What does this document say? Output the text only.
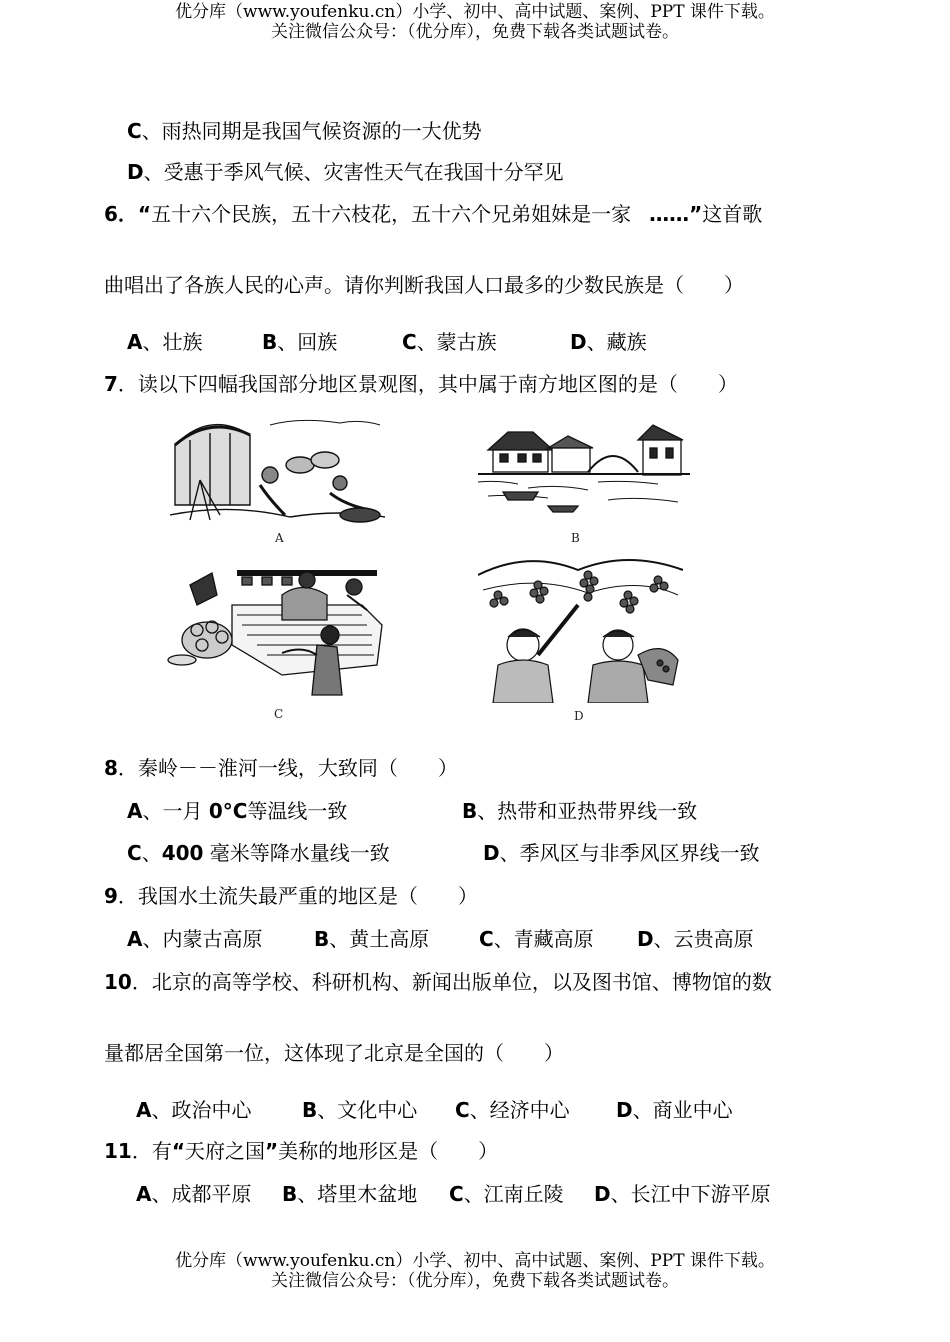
优分库（www.youfenku.cn）小学、初中、高中试题、案例、PPT 课件下载。
关注微信公众号：（优分库），免费下载各类试题试卷。
C、雨热同期是我国气候资源的一大优势
D、受惠于季风气候、灾害性天气在我国十分罕见
6．“五十六个民族，五十六枝花，五十六个兄弟姐妹是一家 ……”这首歌
曲唱出了各族人民的心声。请你判断我国人口最多的少数民族是（　　）
A、壮族	B、回族	C、蒙古族	D、藏族
7．读以下四幅我国部分地区景观图，其中属于南方地区图的是（　　）
A	B
C	D
8．秦岭－－淮河一线，大致同（　　）
A、一月 0°C等温线一致	B、热带和亚热带界线一致
C、400 毫米等降水量线一致	D、季风区与非季风区界线一致
9．我国水土流失最严重的地区是（　　）
A、内蒙古高原	B、黄土高原 C、青藏高原 D、云贵高原
10．北京的高等学校、科研机构、新闻出版单位，以及图书馆、博物馆的数
量都居全国第一位，这体现了北京是全国的（　　）
A、政治中心	B、文化中心 C、经济中心 D、商业中心
11．有“天府之国”美称的地形区是（　　）
A、成都平原 B、塔里木盆地 C、江南丘陵 D、长江中下游平原
优分库（www.youfenku.cn）小学、初中、高中试题、案例、PPT 课件下载。
关注微信公众号：（优分库），免费下载各类试题试卷。
